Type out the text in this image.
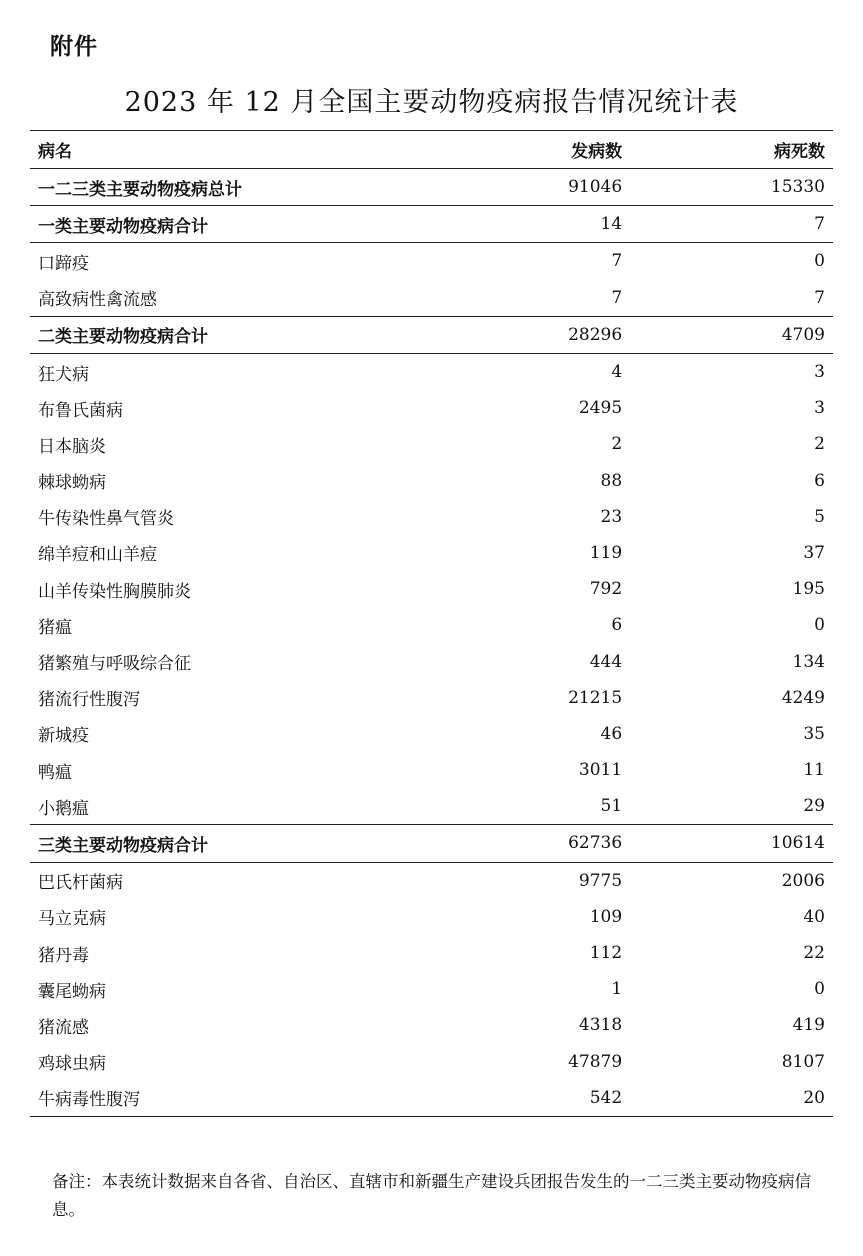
附件
2023 年 12 月全国主要动物疫病报告情况统计表
病名	发病数	病死数
一二三类主要动物疫病总计	91046	15330
一类主要动物疫病合计	14	7
口蹄疫	7	0
高致病性禽流感	7	7
二类主要动物疫病合计	28296	4709
狂犬病	4	3
布鲁氏菌病	2495	3
日本脑炎	2	2
棘球蚴病	88	6
牛传染性鼻气管炎	23	5
绵羊痘和山羊痘	119	37
山羊传染性胸膜肺炎	792	195
猪瘟	6	0
猪繁殖与呼吸综合征	444	134
猪流行性腹泻	21215	4249
新城疫	46	35
鸭瘟	3011	11
小鹅瘟	51	29
三类主要动物疫病合计	62736	10614
巴氏杆菌病	9775	2006
马立克病	109	40
猪丹毒	112	22
囊尾蚴病	1	0
猪流感	4318	419
鸡球虫病	47879	8107
牛病毒性腹泻	542	20
备注：本表统计数据来自各省、自治区、直辖市和新疆生产建设兵团报告发生的一二三类主要动物疫病信息。
